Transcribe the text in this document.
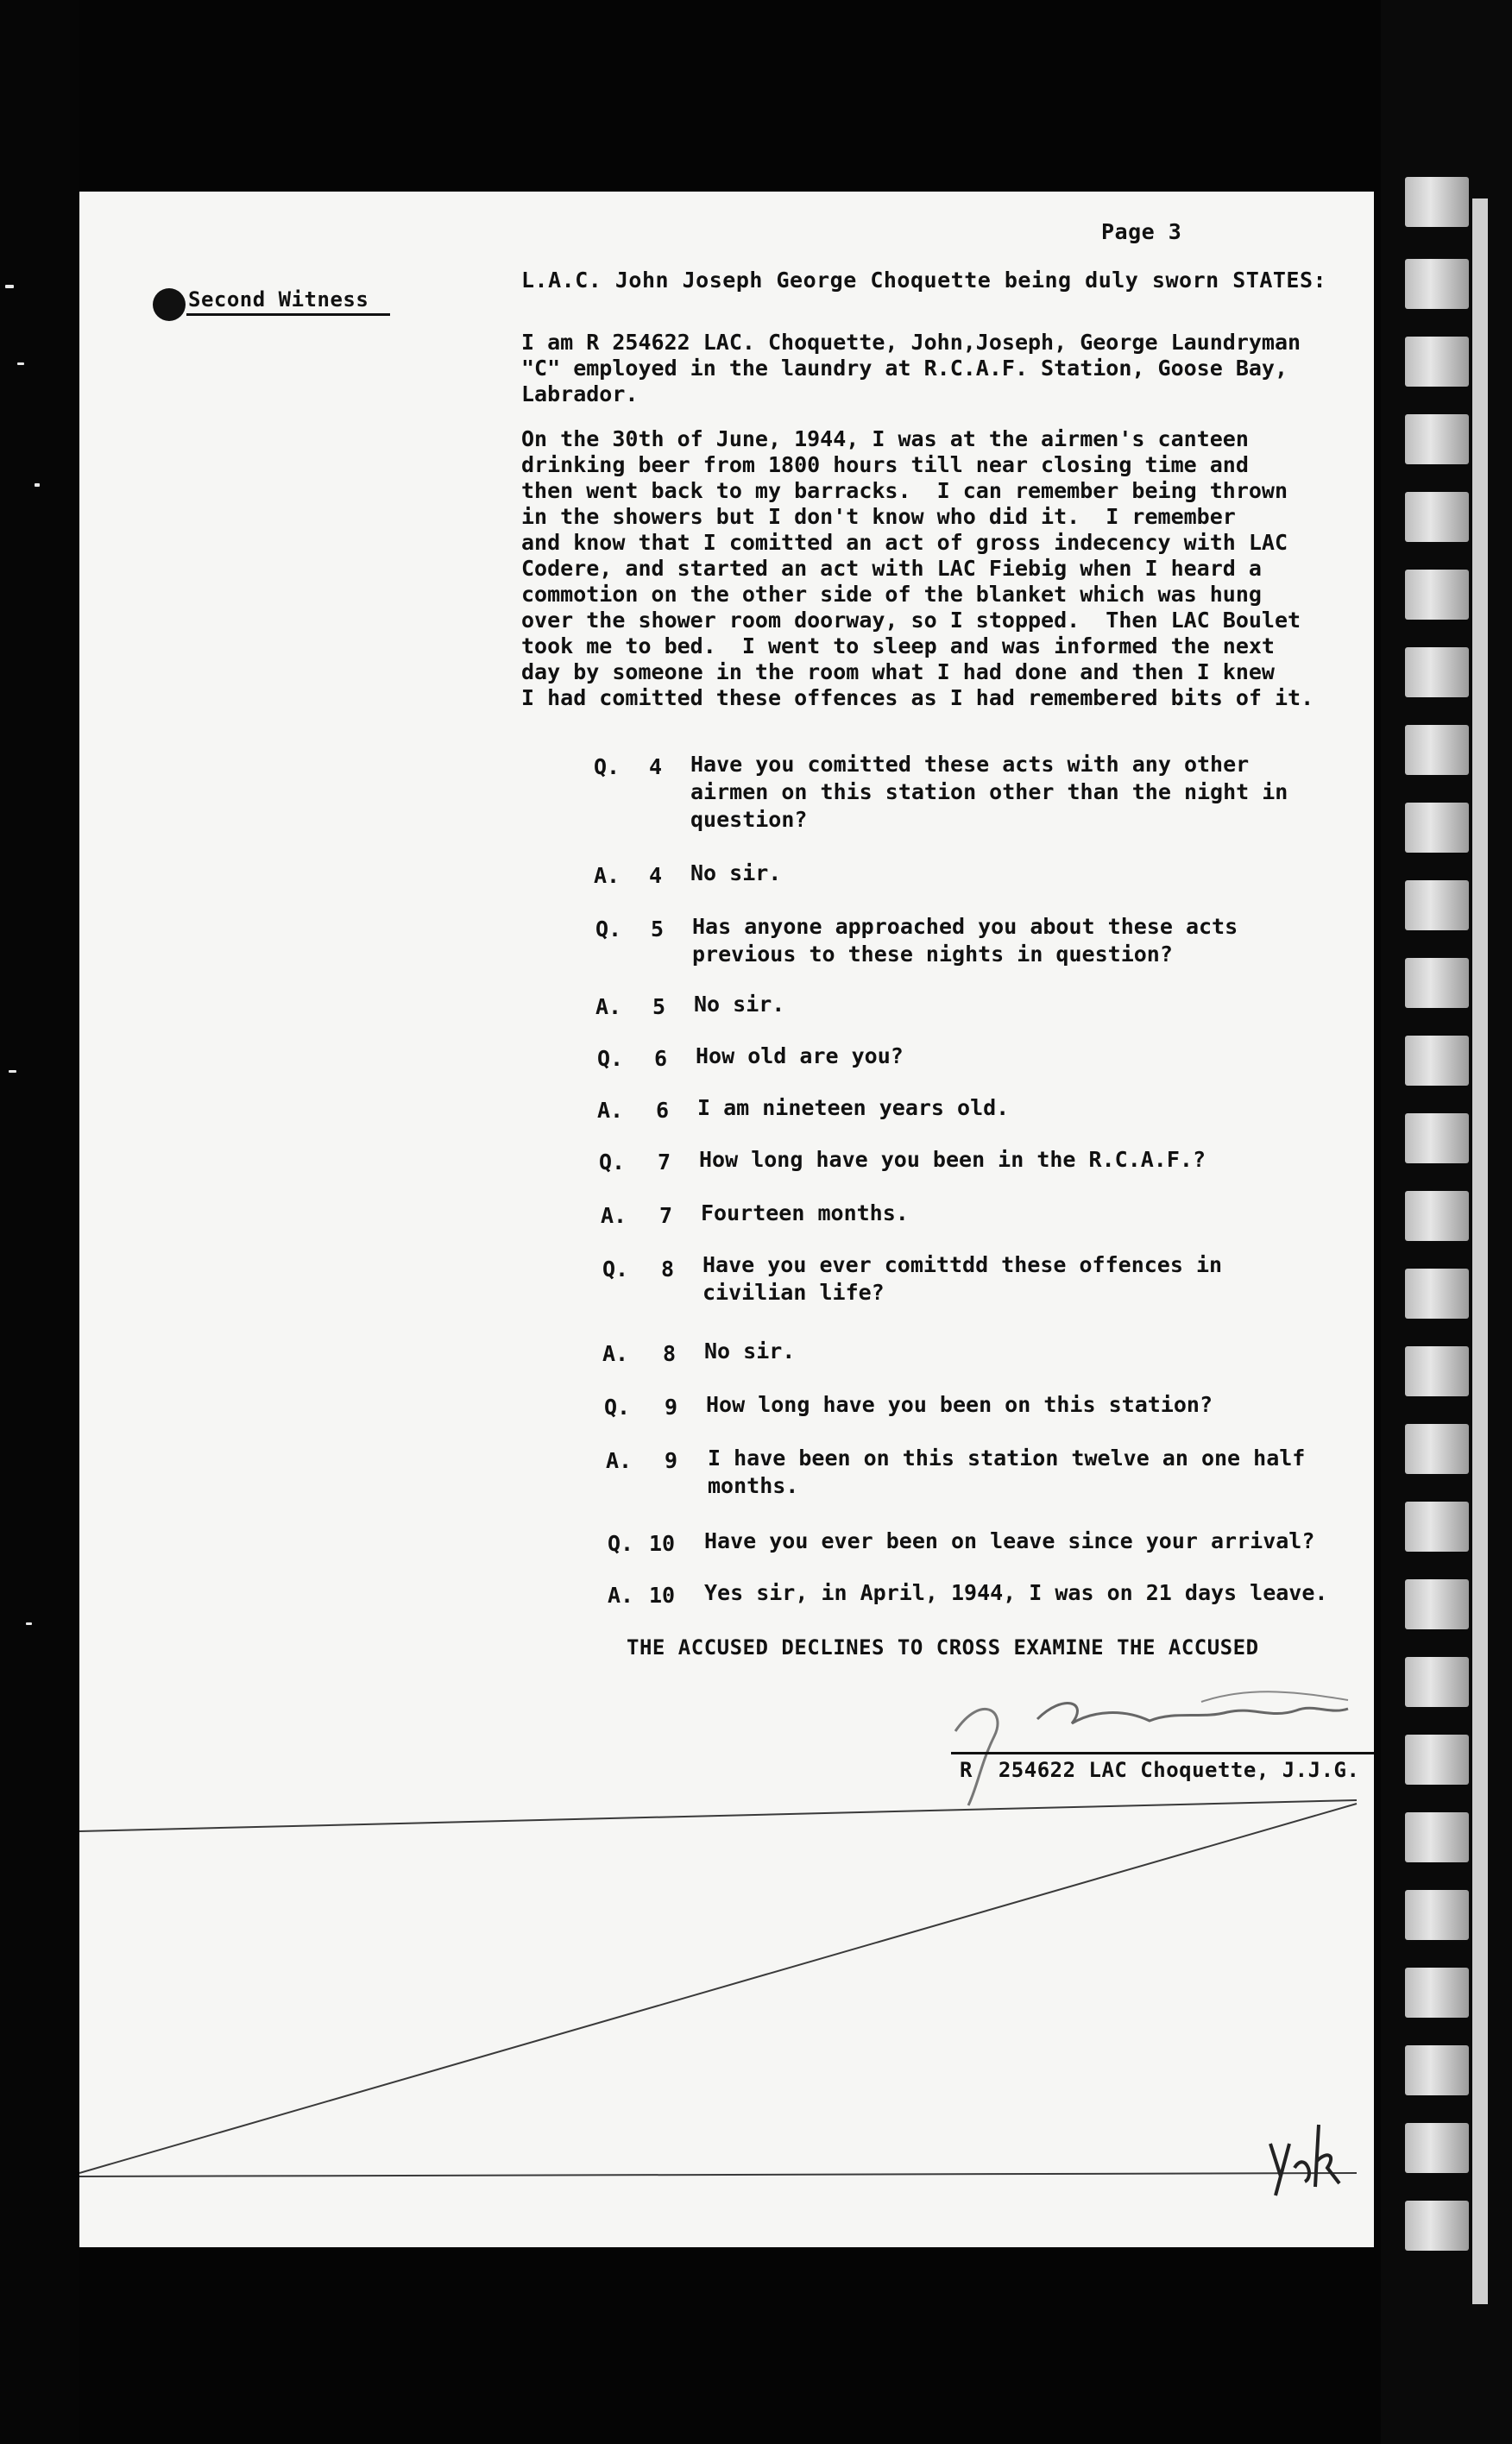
Page 3
Second Witness
L.A.C. John Joseph George Choquette being duly sworn STATES:
I am R 254622 LAC. Choquette, John,Joseph, George Laundryman
"C" employed in the laundry at R.C.A.F. Station, Goose Bay,
Labrador.
On the 30th of June, 1944, I was at the airmen's canteen
drinking beer from 1800 hours till near closing time and
then went back to my barracks.  I can remember being thrown
in the showers but I don't know who did it.  I remember
and know that I comitted an act of gross indecency with LAC
Codere, and started an act with LAC Fiebig when I heard a
commotion on the other side of the blanket which was hung
over the shower room doorway, so I stopped.  Then LAC Boulet
took me to bed.  I went to sleep and was informed the next
day by someone in the room what I had done and then I knew
I had comitted these offences as I had remembered bits of it.
Q. 4 Have you comitted these acts with any other
airmen on this station other than the night in
question?
A. 4 No sir.
Q. 5 Has anyone approached you about these acts
previous to these nights in question?
A. 5 No sir.
Q. 6 How old are you?
A. 6 I am nineteen years old.
Q. 7 How long have you been in the R.C.A.F.?
A. 7 Fourteen months.
Q. 8 Have you ever comittdd these offences in
civilian life?
A. 8 No sir.
Q. 9 How long have you been on this station?
A. 9 I have been on this station twelve an one half
months.
Q. 10 Have you ever been on leave since your arrival?
A. 10 Yes sir, in April, 1944, I was on 21 days leave.
THE ACCUSED DECLINES TO CROSS EXAMINE THE ACCUSED
R  254622 LAC Choquette, J.J.G.
